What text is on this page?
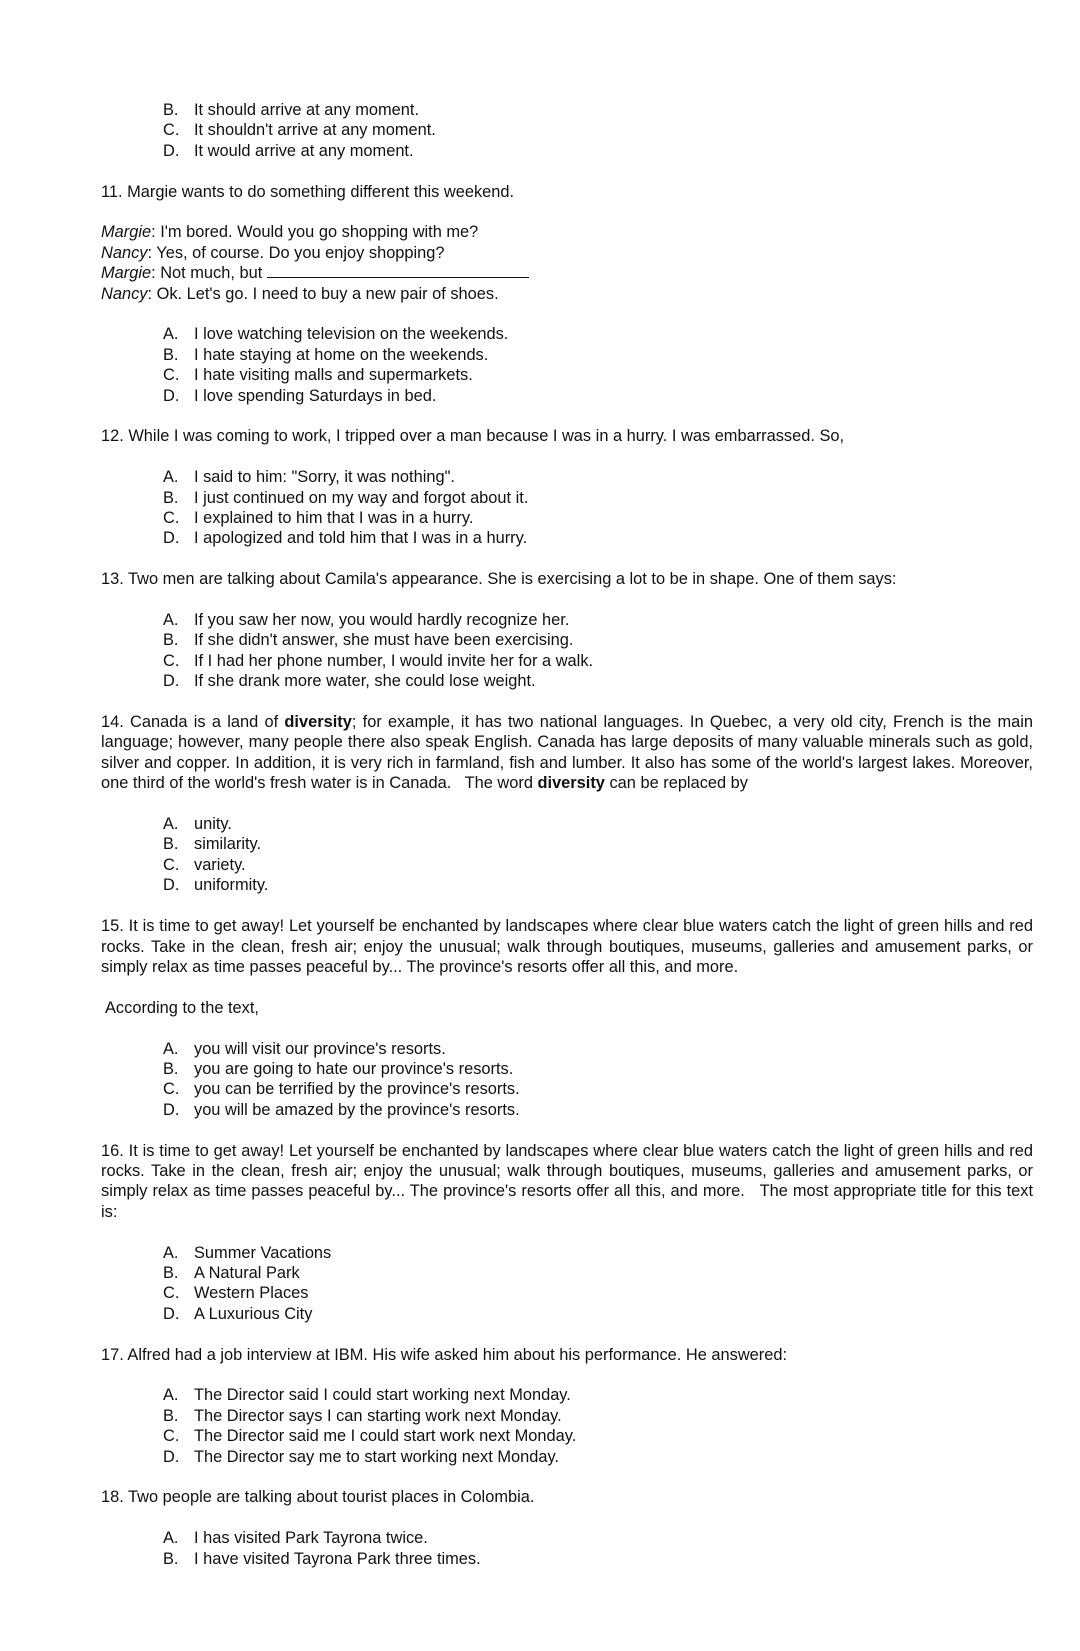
B. It should arrive at any moment.
C. It shouldn't arrive at any moment.
D. It would arrive at any moment.

11. Margie wants to do something different this weekend.

Margie: I'm bored. Would you go shopping with me?

Nancy: Yes, of course. Do you enjoy shopping?

Margie: Not much, but

Nancy: Ok. Let's go. I need to buy a new pair of shoes.

A. I love watching television on the weekends.
B. I hate staying at home on the weekends.
C. I hate visiting malls and supermarkets.
D. I love spending Saturdays in bed.

12. While I was coming to work, I tripped over a man because I was in a hurry. I was embarrassed. So,

A. I said to him: "Sorry, it was nothing".
B. I just continued on my way and forgot about it.
C. I explained to him that I was in a hurry.
D. I apologized and told him that I was in a hurry.

13. Two men are talking about Camila's appearance. She is exercising a lot to be in shape. One of them says:

A. If you saw her now, you would hardly recognize her.
B. If she didn't answer, she must have been exercising.
C. If I had her phone number, I would invite her for a walk.
D. If she drank more water, she could lose weight.

14. Canada is a land of diversity; for example, it has two national languages. In Quebec, a very old city, French is the main language; however, many people there also speak English. Canada has large deposits of many valuable minerals such as gold, silver and copper. In addition, it is very rich in farmland, fish and lumber. It also has some of the world's largest lakes. Moreover, one third of the world's fresh water is in Canada.   The word diversity can be replaced by

A. unity.
B. similarity.
C. variety.
D. uniformity.

15. It is time to get away! Let yourself be enchanted by landscapes where clear blue waters catch the light of green hills and red rocks. Take in the clean, fresh air; enjoy the unusual; walk through boutiques, museums, galleries and amusement parks, or simply relax as time passes peaceful by... The province's resorts offer all this, and more.

According to the text,

A. you will visit our province's resorts.
B. you are going to hate our province's resorts.
C. you can be terrified by the province's resorts.
D. you will be amazed by the province's resorts.

16. It is time to get away! Let yourself be enchanted by landscapes where clear blue waters catch the light of green hills and red rocks. Take in the clean, fresh air; enjoy the unusual; walk through boutiques, museums, galleries and amusement parks, or simply relax as time passes peaceful by... The province's resorts offer all this, and more.   The most appropriate title for this text is:

A. Summer Vacations
B. A Natural Park
C. Western Places
D. A Luxurious City

17. Alfred had a job interview at IBM. His wife asked him about his performance. He answered:

A. The Director said I could start working next Monday.
B. The Director says I can starting work next Monday.
C. The Director said me I could start work next Monday.
D. The Director say me to start working next Monday.

18. Two people are talking about tourist places in Colombia.

A. I has visited Park Tayrona twice.
B. I have visited Tayrona Park three times.
